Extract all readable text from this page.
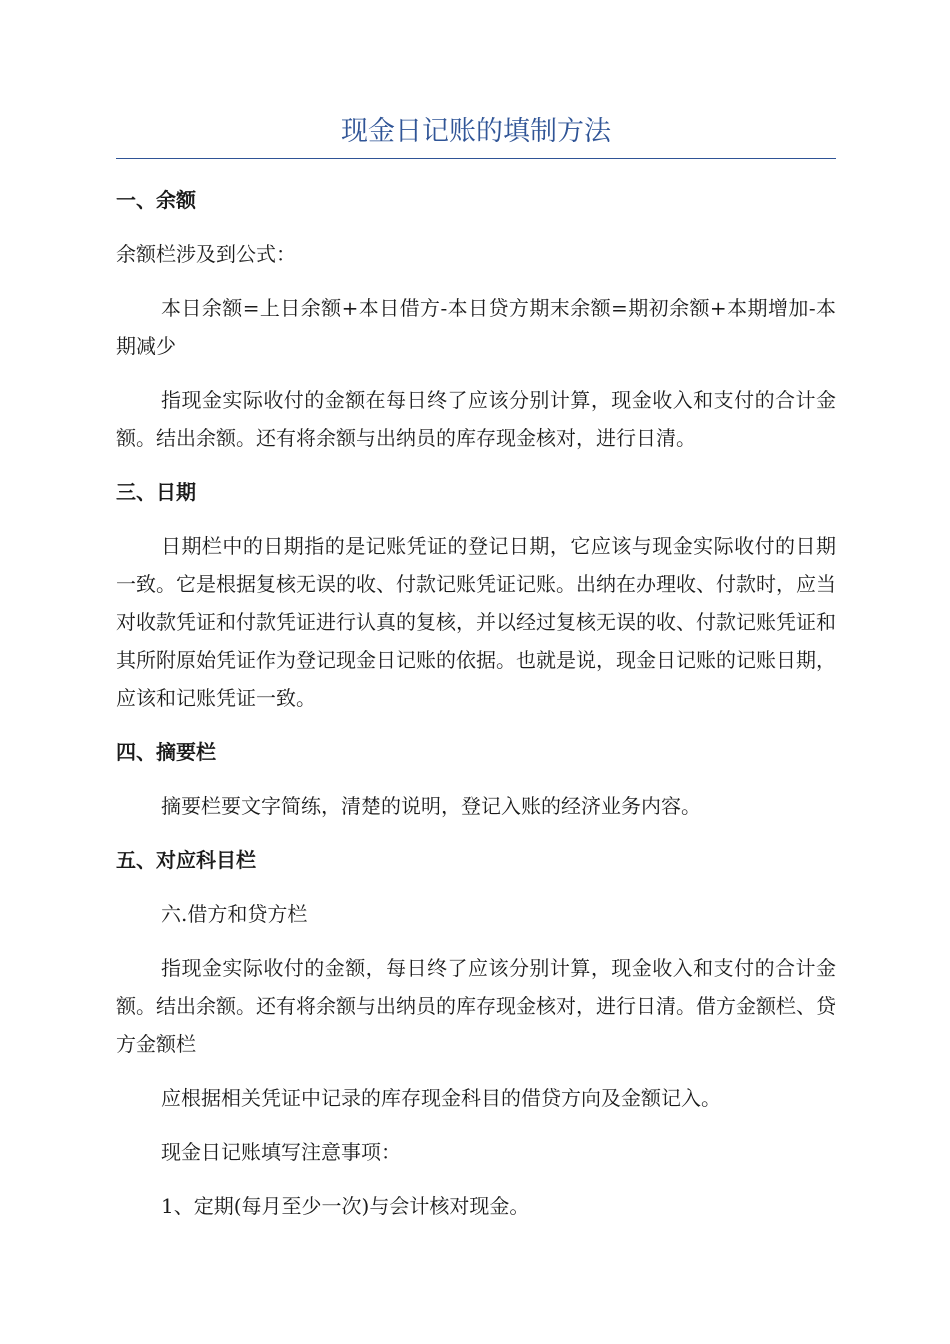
现金日记账的填制方法
一、余额

余额栏涉及到公式：

本日余额=上日余额+本日借方-本日贷方期末余额=期初余额+本期增加-本期减少

指现金实际收付的金额在每日终了应该分别计算，现金收入和支付的合计金额。结出余额。还有将余额与出纳员的库存现金核对，进行日清。

三、日期

日期栏中的日期指的是记账凭证的登记日期，它应该与现金实际收付的日期一致。它是根据复核无误的收、付款记账凭证记账。出纳在办理收、付款时，应当对收款凭证和付款凭证进行认真的复核，并以经过复核无误的收、付款记账凭证和其所附原始凭证作为登记现金日记账的依据。也就是说，现金日记账的记账日期，应该和记账凭证一致。

四、摘要栏

摘要栏要文字简练，清楚的说明，登记入账的经济业务内容。

五、对应科目栏

六.借方和贷方栏

指现金实际收付的金额，每日终了应该分别计算，现金收入和支付的合计金额。结出余额。还有将余额与出纳员的库存现金核对，进行日清。借方金额栏、贷方金额栏

应根据相关凭证中记录的库存现金科目的借贷方向及金额记入。

现金日记账填写注意事项：

1、定期(每月至少一次)与会计核对现金。
